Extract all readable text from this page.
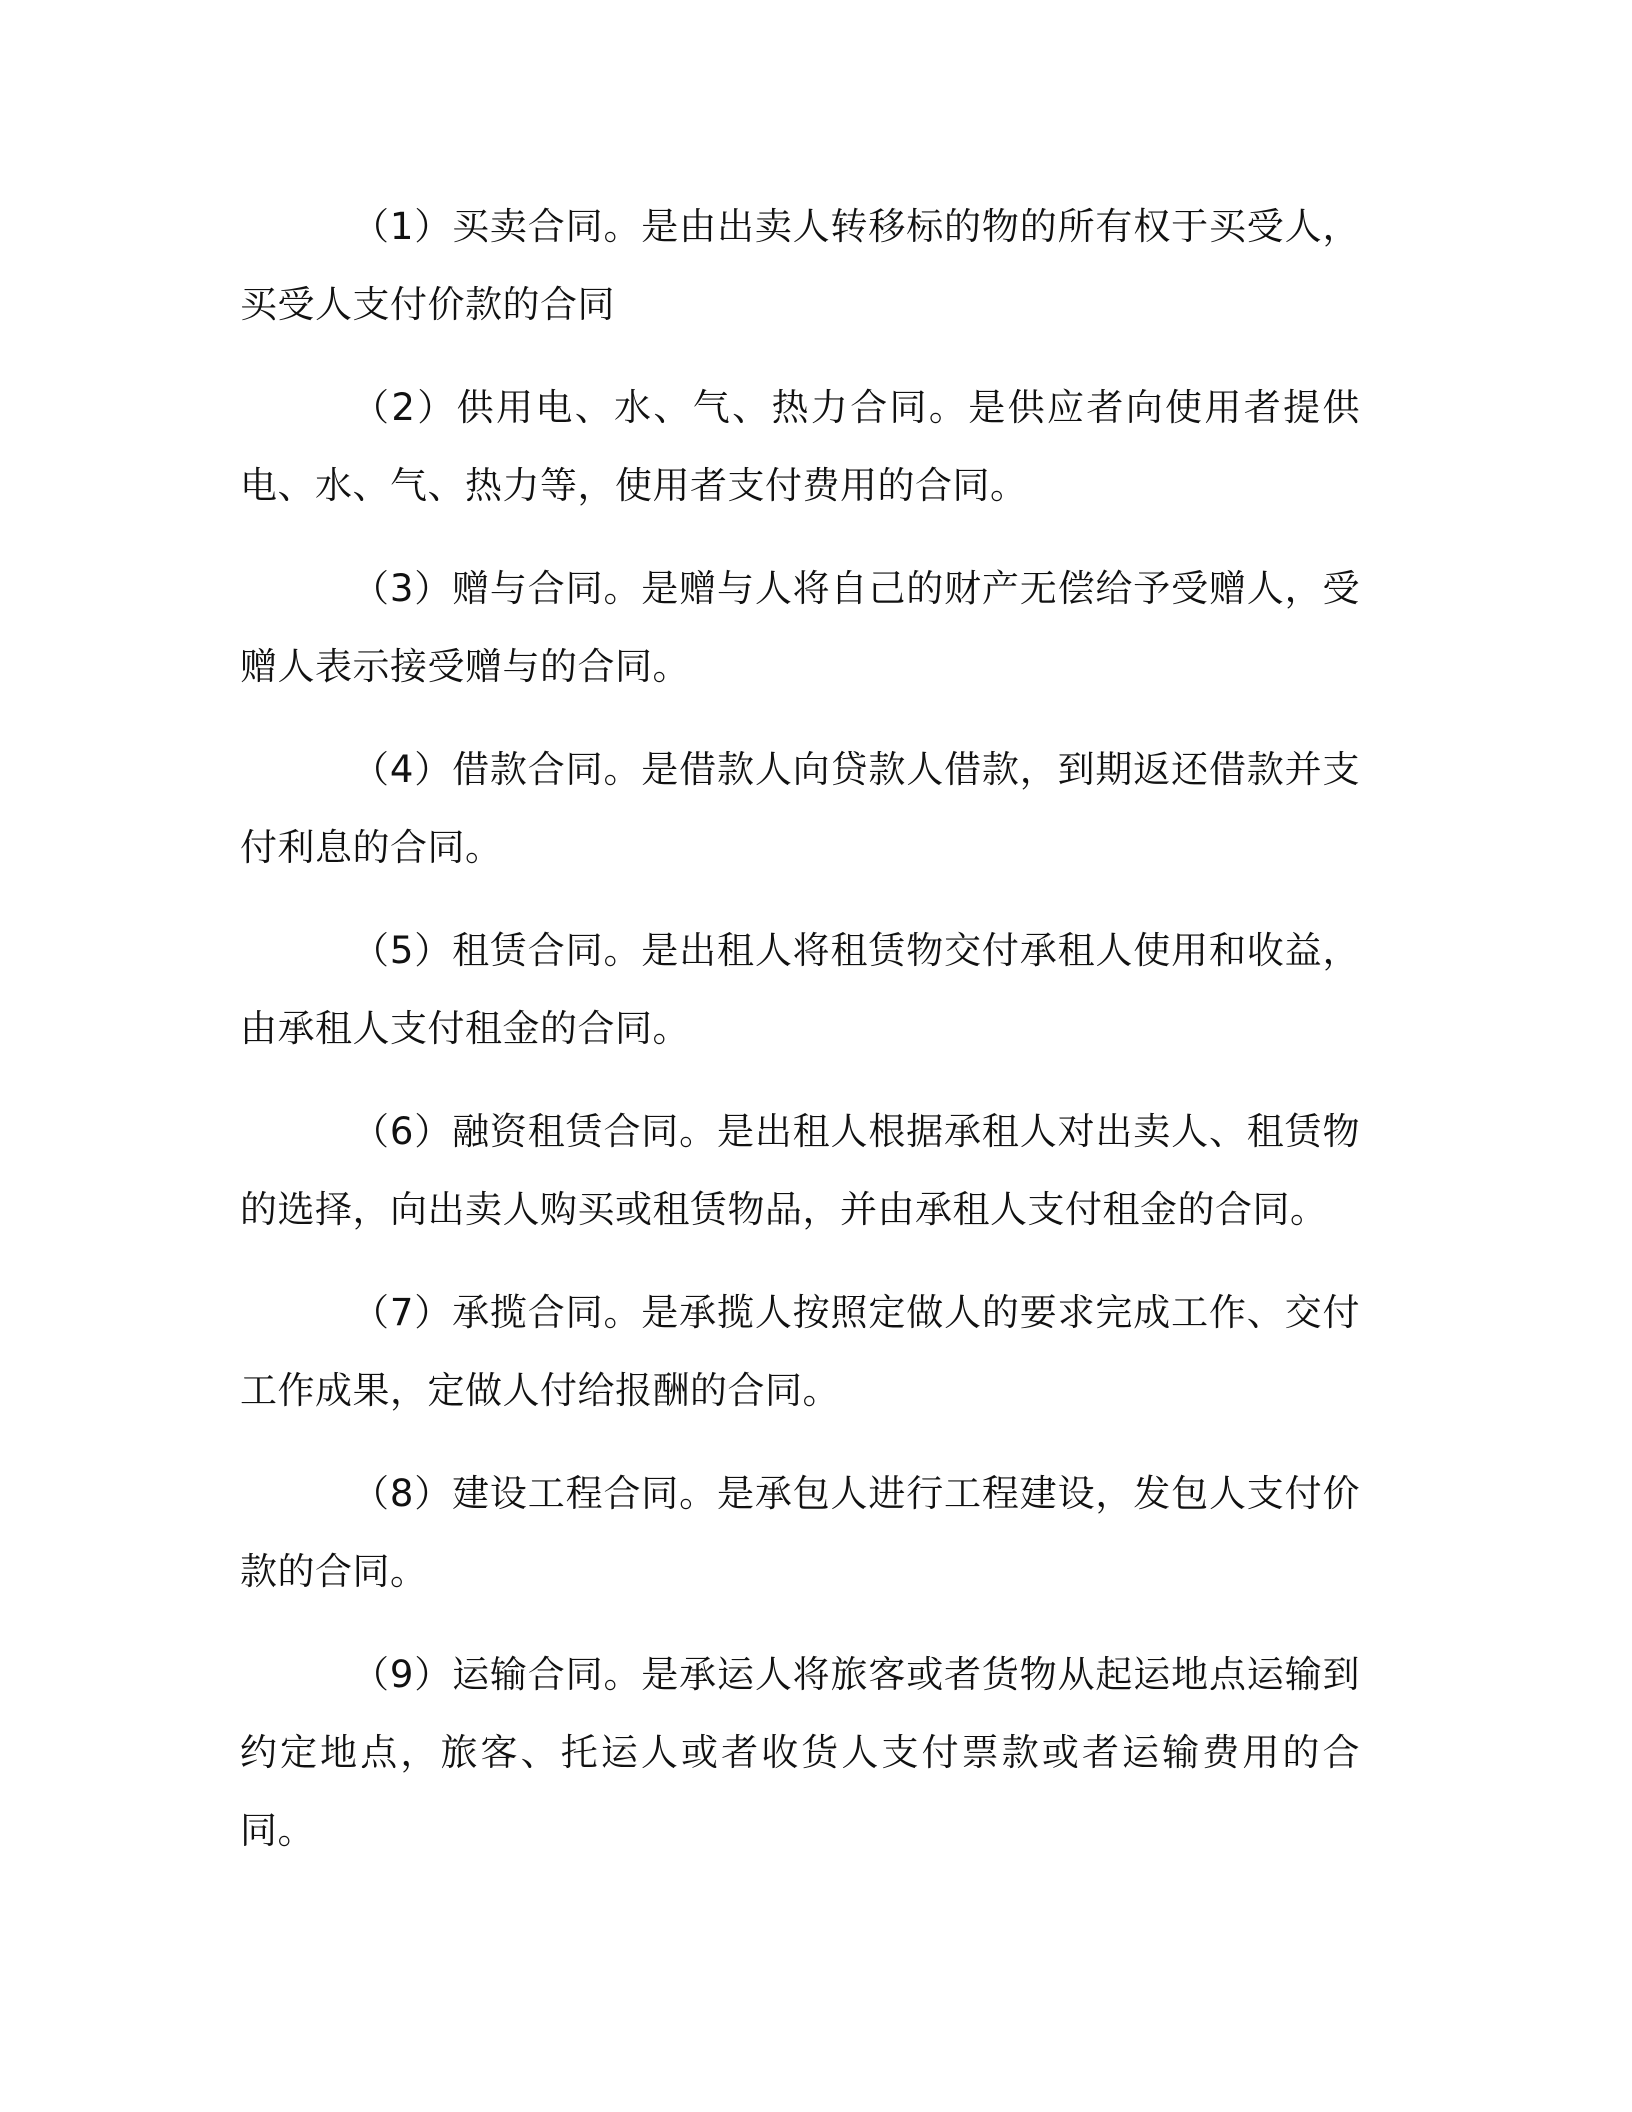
（1）买卖合同。是由出卖人转移标的物的所有权于买受人，买受人支付价款的合同

（2）供用电、水、气、热力合同。是供应者向使用者提供电、水、气、热力等，使用者支付费用的合同。

（3）赠与合同。是赠与人将自己的财产无偿给予受赠人，受赠人表示接受赠与的合同。

（4）借款合同。是借款人向贷款人借款，到期返还借款并支付利息的合同。

（5）租赁合同。是出租人将租赁物交付承租人使用和收益，由承租人支付租金的合同。

（6）融资租赁合同。是出租人根据承租人对出卖人、租赁物的选择，向出卖人购买或租赁物品，并由承租人支付租金的合同。

（7）承揽合同。是承揽人按照定做人的要求完成工作、交付工作成果，定做人付给报酬的合同。

（8）建设工程合同。是承包人进行工程建设，发包人支付价款的合同。

（9）运输合同。是承运人将旅客或者货物从起运地点运输到约定地点，旅客、托运人或者收货人支付票款或者运输费用的合同。
